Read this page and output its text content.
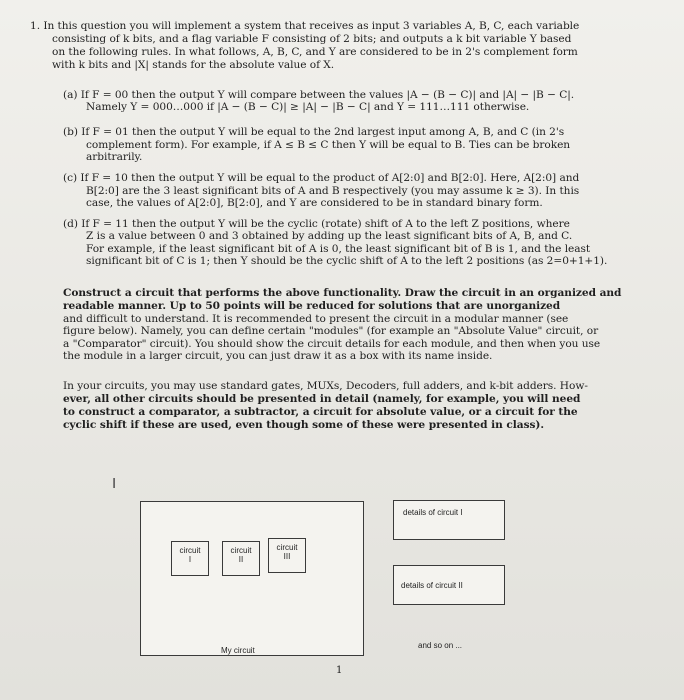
1. In this question you will implement a system that receives as input 3 variables A, B, C, each variable
consisting of k bits, and a flag variable F consisting of 2 bits; and outputs a k bit variable Y based
on the following rules. In what follows, A, B, C, and Y are considered to be in 2's complement form
with k bits and |X| stands for the absolute value of X.
(a) If F = 00 then the output Y will compare between the values |A − (B − C)| and |A| − |B − C|.
Namely Y = 000…000 if |A − (B − C)| ≥ |A| − |B − C| and Y = 111…111 otherwise.
(b) If F = 01 then the output Y will be equal to the 2nd largest input among A, B, and C (in 2's
complement form). For example, if A ≤ B ≤ C then Y will be equal to B. Ties can be broken
arbitrarily.
(c) If F = 10 then the output Y will be equal to the product of A[2:0] and B[2:0]. Here, A[2:0] and
B[2:0] are the 3 least significant bits of A and B respectively (you may assume k ≥ 3). In this
case, the values of A[2:0], B[2:0], and Y are considered to be in standard binary form.
(d) If F = 11 then the output Y will be the cyclic (rotate) shift of A to the left Z positions, where
Z is a value between 0 and 3 obtained by adding up the least significant bits of A, B, and C.
For example, if the least significant bit of A is 0, the least significant bit of B is 1, and the least
significant bit of C is 1; then Y should be the cyclic shift of A to the left 2 positions (as 2=0+1+1).
Construct a circuit that performs the above functionality. Draw the circuit in an organized and
readable manner. Up to 50 points will be reduced for solutions that are unorganized
and difficult to understand. It is recommended to present the circuit in a modular manner (see
figure below). Namely, you can define certain "modules" (for example an "Absolute Value" circuit, or
a "Comparator" circuit). You should show the circuit details for each module, and then when you use
the module in a larger circuit, you can just draw it as a box with its name inside.
In your circuits, you may use standard gates, MUXs, Decoders, full adders, and k-bit adders. How-
ever, all other circuits should be presented in detail (namely, for example, you will need
to construct a comparator, a subtractor, a circuit for absolute value, or a circuit for the
cyclic shift if these are used, even though some of these were presented in class).
I
circuit
I
circuit
II
circuit
III
My circuit
details of circuit I
details of circuit II
and so on ...
1
